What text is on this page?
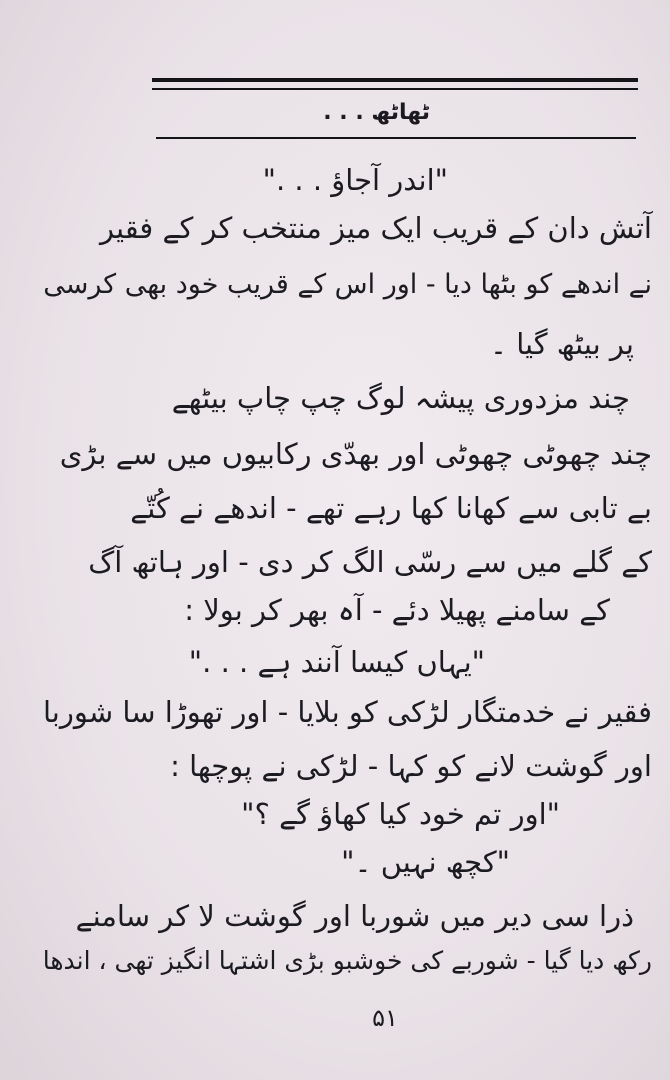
ٹھاٹھ . . .
"اندر آجاؤ . . ."
آتش دان کے قریب ایک میز منتخب کر کے فقیر
نے اندھے کو بٹھا دیا - اور اس کے قریب خود بھی کرسی
پر بیٹھ گیا ۔
چند مزدوری پیشہ لوگ چپ چاپ بیٹھے
چند چھوٹی چھوٹی اور بھدّی رکابیوں میں سے بڑی
بے تابی سے کھانا کھا رہے تھے - اندھے نے کُتّے
کے گلے میں سے رسّی الگ کر دی - اور ہاتھ آگ
کے سامنے پھیلا دئے - آہ بھر کر بولا :
"یہاں کیسا آنند ہے . . ."
فقیر نے خدمتگار لڑکی کو بلایا - اور تھوڑا سا شوربا
اور گوشت لانے کو کہا - لڑکی نے پوچھا :
"اور تم خود کیا کھاؤ گے ؟"
"کچھ نہیں ۔"
ذرا سی دیر میں شوربا اور گوشت لا کر سامنے
رکھ دیا گیا - شوربے کی خوشبو بڑی اشتہا انگیز تھی ، اندھا
۵۱
